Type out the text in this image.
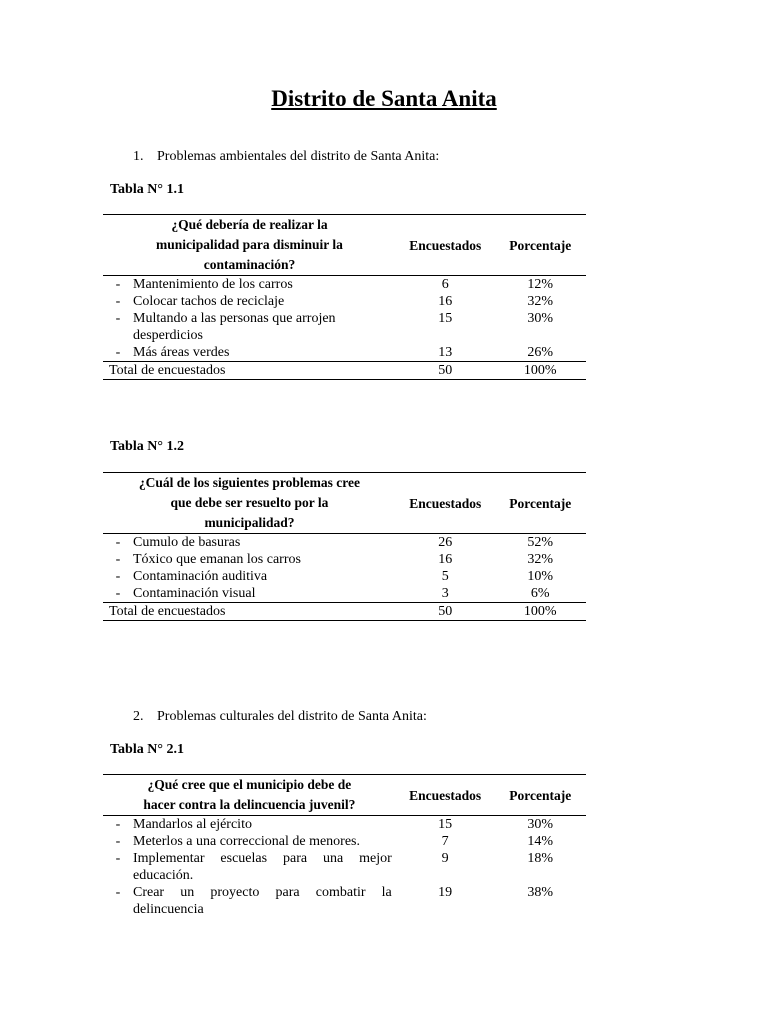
Distrito de Santa Anita
1. Problemas ambientales del distrito de Santa Anita:
Tabla N° 1.1
¿Qué debería de realizar la
municipalidad para disminuir la
contaminación?	Encuestados	Porcentaje

- Mantenimiento de los carros	6	12%

- Colocar tachos de reciclaje	16	32%

- Multando a las personas que arrojen desperdicios	15	30%

- Más áreas verdes	13	26%
Total de encuestados	50	100%
Tabla N° 1.2
¿Cuál de los siguientes problemas cree
que debe ser resuelto por la
municipalidad?	Encuestados	Porcentaje

- Cumulo de basuras	26	52%

- Tóxico que emanan los carros	16	32%

- Contaminación auditiva	5	10%

- Contaminación visual	3	6%
Total de encuestados	50	100%
2. Problemas culturales del distrito de Santa Anita:
Tabla N° 2.1
¿Qué cree que el municipio debe de
hacer contra la delincuencia juvenil?	Encuestados	Porcentaje

- Mandarlos al ejército	15	30%

- Meterlos a una correccional de menores.	7	14%

- Implementar escuelas para una mejor educación.	9	18%

- Crear un proyecto para combatir la delincuencia	19	38%
